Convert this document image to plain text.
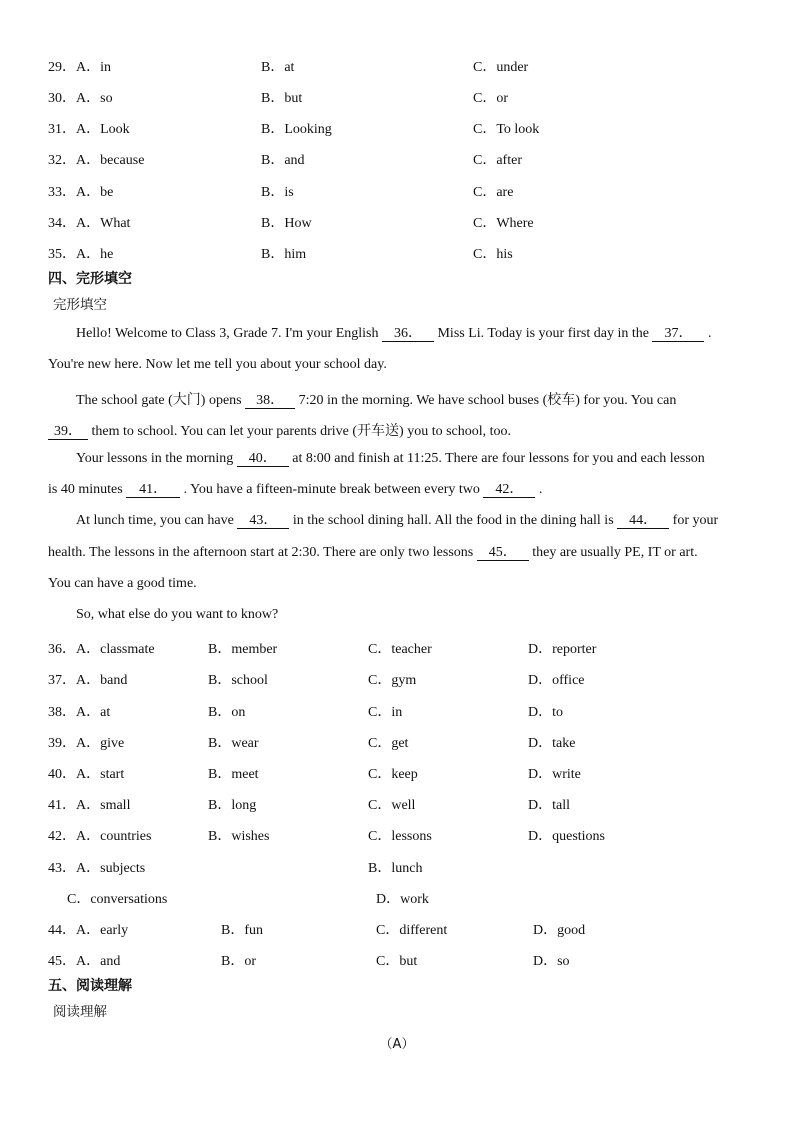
29．A．in	B．at	C．under
30．A．so	B．but	C．or
31．A．Look	B．Looking	C．To look
32．A．because	B．and	C．after
33．A．be	B．is	C．are
34．A．What	B．How	C．Where
35．A．he	B．him	C．his
四、完形填空
完形填空
Hello! Welcome to Class 3, Grade 7. I'm your English 36． Miss Li. Today is your first day in the 37． .
You're new here. Now let me tell you about your school day.
The school gate (大门) opens 38． 7:20 in the morning. We have school buses (校车) for you. You can
39． them to school. You can let your parents drive (开车送) you to school, too.
Your lessons in the morning 40． at 8:00 and finish at 11:25. There are four lessons for you and each lesson
is 40 minutes 41． . You have a fifteen-minute break between every two 42． .
At lunch time, you can have 43． in the school dining hall. All the food in the dining hall is 44． for your
health. The lessons in the afternoon start at 2:30. There are only two lessons 45． they are usually PE, IT or art.
You can have a good time.
So, what else do you want to know?
36．A．classmate	B．member	C．teacher	D．reporter
37．A．band	B．school	C．gym	D．office
38．A．at	B．on	C．in	D．to
39．A．give	B．wear	C．get	D．take
40．A．start	B．meet	C．keep	D．write
41．A．small	B．long	C．well	D．tall
42．A．countries	B．wishes	C．lessons	D．questions
43．A．subjects	B．lunch
C．conversations	D．work
44．A．early	B．fun	C．different	D．good
45．A．and	B．or	C．but	D．so
五、阅读理解
阅读理解
（A）
